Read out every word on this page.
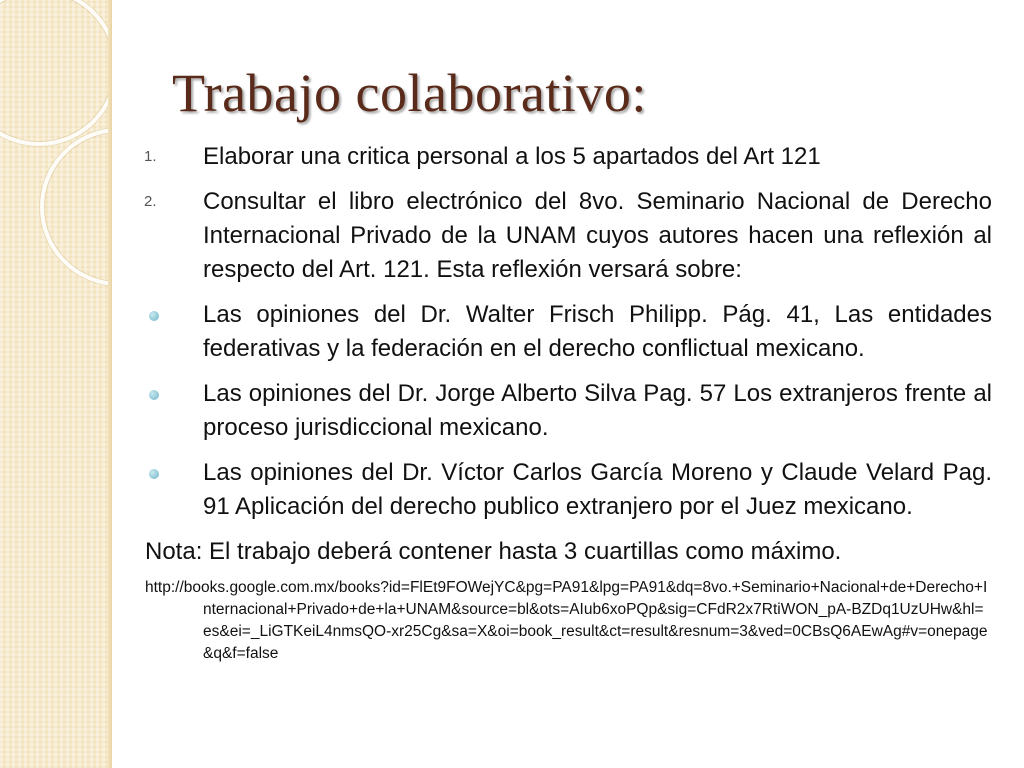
Trabajo colaborativo:
1.	Elaborar una critica personal a los 5 apartados del Art 121
2.	Consultar el libro electrónico del 8vo. Seminario Nacional de Derecho Internacional Privado de la UNAM cuyos autores hacen una reflexión al respecto del Art. 121. Esta reflexión versará sobre:
Las opiniones del Dr. Walter Frisch Philipp. Pág. 41, Las entidades federativas y la federación en el derecho conflictual mexicano.
Las opiniones del Dr. Jorge Alberto Silva Pag. 57 Los extranjeros frente al proceso jurisdiccional mexicano.
Las opiniones del Dr. Víctor Carlos García Moreno y Claude Velard Pag. 91 Aplicación del derecho publico extranjero por el Juez mexicano.

Nota: El trabajo deberá contener hasta 3 cuartillas como máximo.

http://books.google.com.mx/books?id=FlEt9FOWejYC&pg=PA91&lpg=PA91&dq=8vo.+Seminario+Nacional+de+Derecho+Internacional+Privado+de+la+UNAM&source=bl&ots=AIub6xoPQp&sig=CFdR2x7RtiWON_pA-BZDq1UzUHw&hl=es&ei=_LiGTKeiL4nmsQO-xr25Cg&sa=X&oi=book_result&ct=result&resnum=3&ved=0CBsQ6AEwAg#v=onepage&q&f=false
